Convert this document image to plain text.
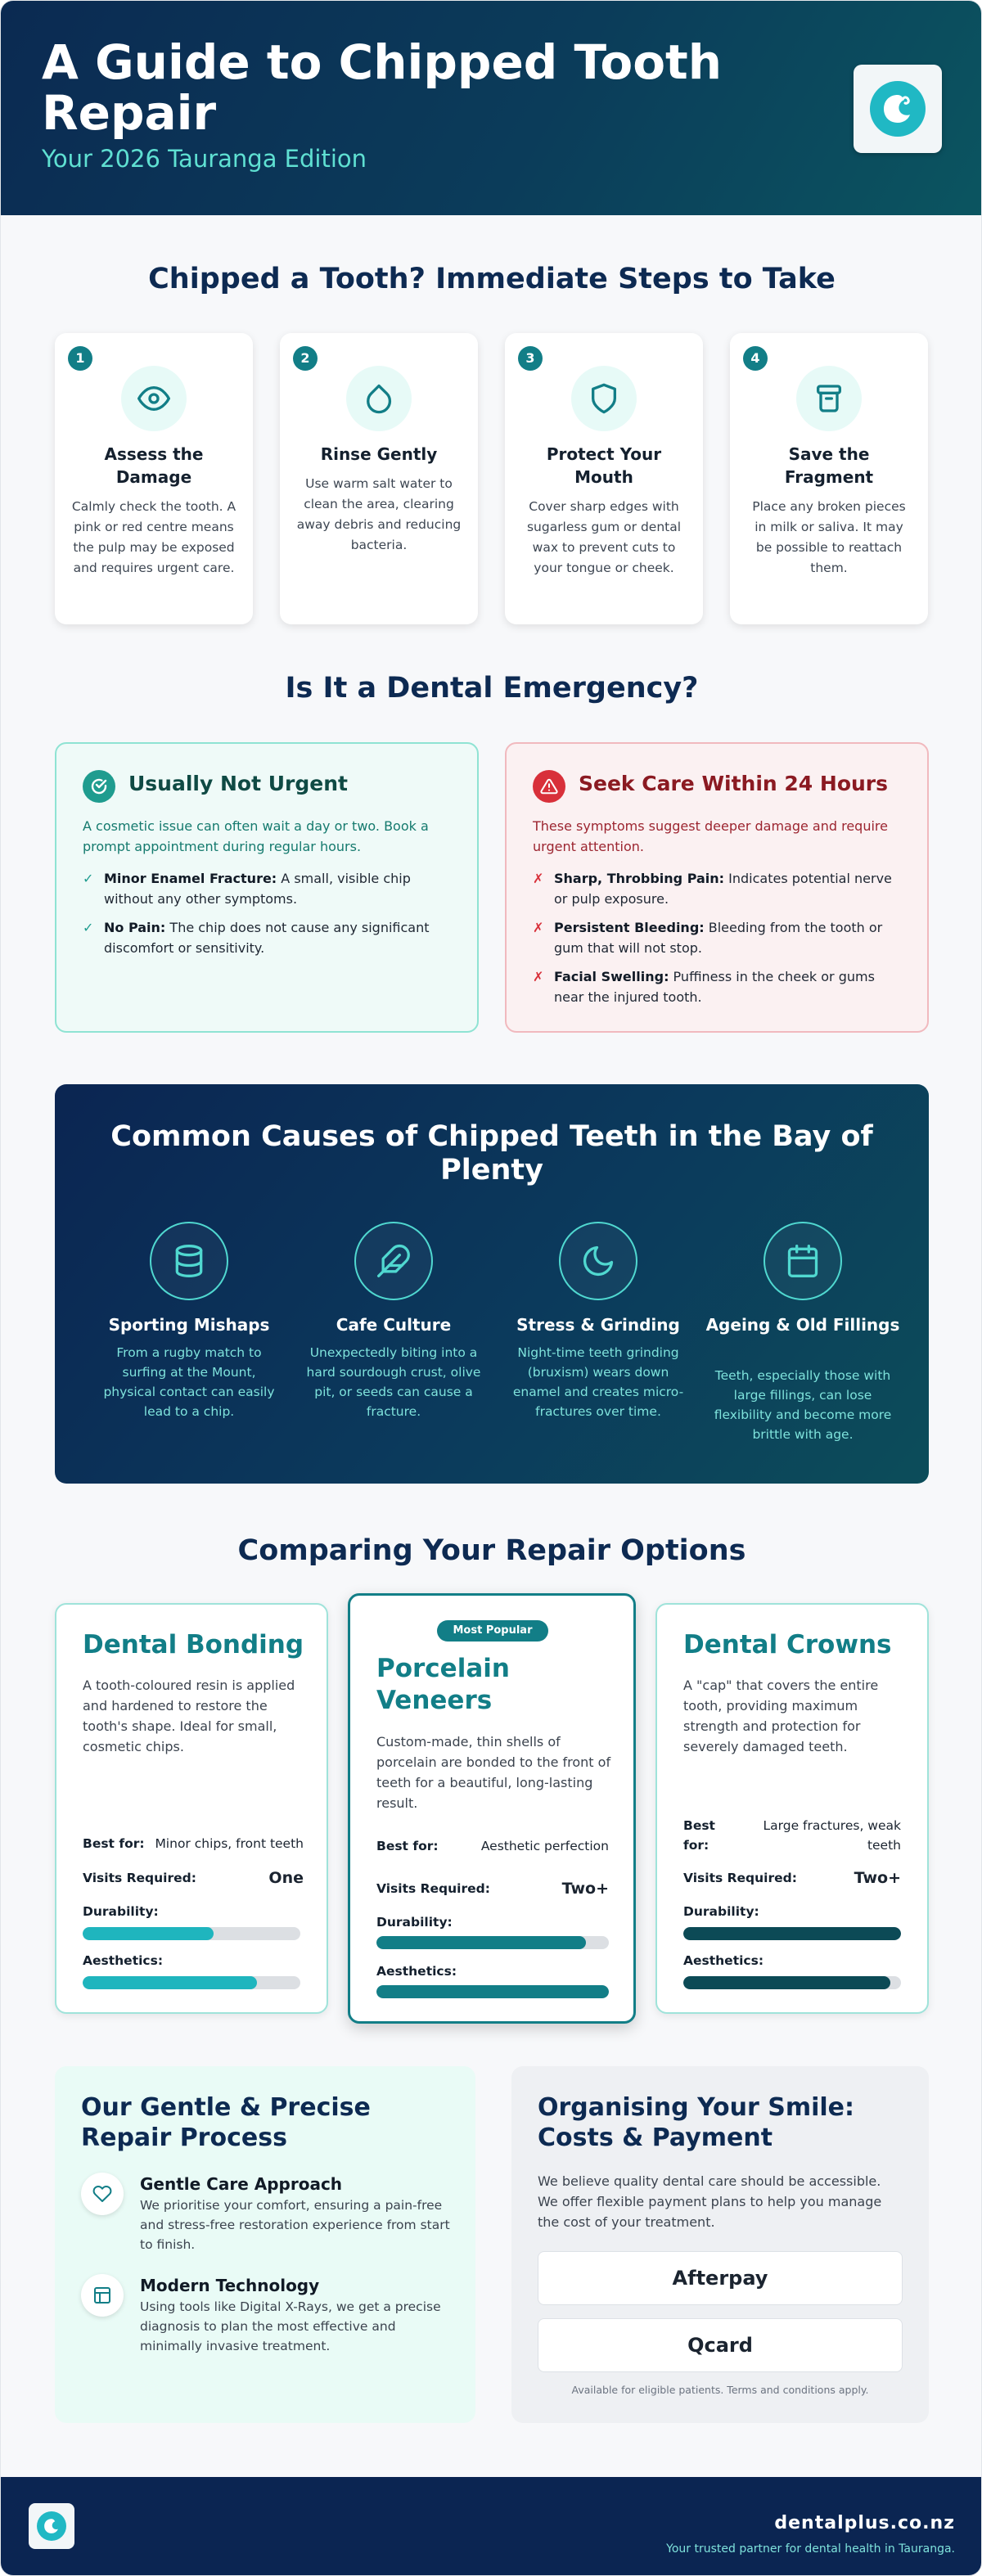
A Guide to Chipped Tooth Repair
Your 2026 Tauranga Edition
Chipped a Tooth? Immediate Steps to Take
1
Assess the Damage
Calmly check the tooth. A pink or red centre means the pulp may be exposed and requires urgent care.
2
Rinse Gently
Use warm salt water to clean the area, clearing away debris and reducing bacteria.
3
Protect Your Mouth
Cover sharp edges with sugarless gum or dental wax to prevent cuts to your tongue or cheek.
4
Save the Fragment
Place any broken pieces in milk or saliva. It may be possible to reattach them.
Is It a Dental Emergency?
Usually Not Urgent
A cosmetic issue can often wait a day or two. Book a prompt appointment during regular hours.
✓ Minor Enamel Fracture: A small, visible chip without any other symptoms.
✓ No Pain: The chip does not cause any significant discomfort or sensitivity.
Seek Care Within 24 Hours
These symptoms suggest deeper damage and require urgent attention.
✗ Sharp, Throbbing Pain: Indicates potential nerve or pulp exposure.
✗ Persistent Bleeding: Bleeding from the tooth or gum that will not stop.
✗ Facial Swelling: Puffiness in the cheek or gums near the injured tooth.
Common Causes of Chipped Teeth in the Bay of Plenty
Sporting Mishaps
From a rugby match to surfing at the Mount, physical contact can easily lead to a chip.
Cafe Culture
Unexpectedly biting into a hard sourdough crust, olive pit, or seeds can cause a fracture.
Stress & Grinding
Night-time teeth grinding (bruxism) wears down enamel and creates micro-fractures over time.
Ageing & Old Fillings
Teeth, especially those with large fillings, can lose flexibility and become more brittle with age.
Comparing Your Repair Options
Dental Bonding
A tooth-coloured resin is applied and hardened to restore the tooth's shape. Ideal for small, cosmetic chips.
Best for: Minor chips, front teeth
Visits Required:	One
Durability:
Aesthetics:
Most Popular
Porcelain Veneers
Custom-made, thin shells of porcelain are bonded to the front of teeth for a beautiful, long-lasting result.
Best for:	Aesthetic perfection
Visits Required:	Two+
Durability:
Aesthetics:
Dental Crowns
A "cap" that covers the entire tooth, providing maximum strength and protection for severely damaged teeth.
Best for:
Large fractures, weak teeth
Visits Required:	Two+
Durability:
Aesthetics:
Our Gentle & Precise Repair Process
Gentle Care Approach
We prioritise your comfort, ensuring a pain-free and stress-free restoration experience from start to finish.
Modern Technology
Using tools like Digital X-Rays, we get a precise diagnosis to plan the most effective and minimally invasive treatment.
Organising Your Smile: Costs & Payment
We believe quality dental care should be accessible. We offer flexible payment plans to help you manage the cost of your treatment.
Afterpay
Qcard
Available for eligible patients. Terms and conditions apply.
dentalplus.co.nz
Your trusted partner for dental health in Tauranga.
